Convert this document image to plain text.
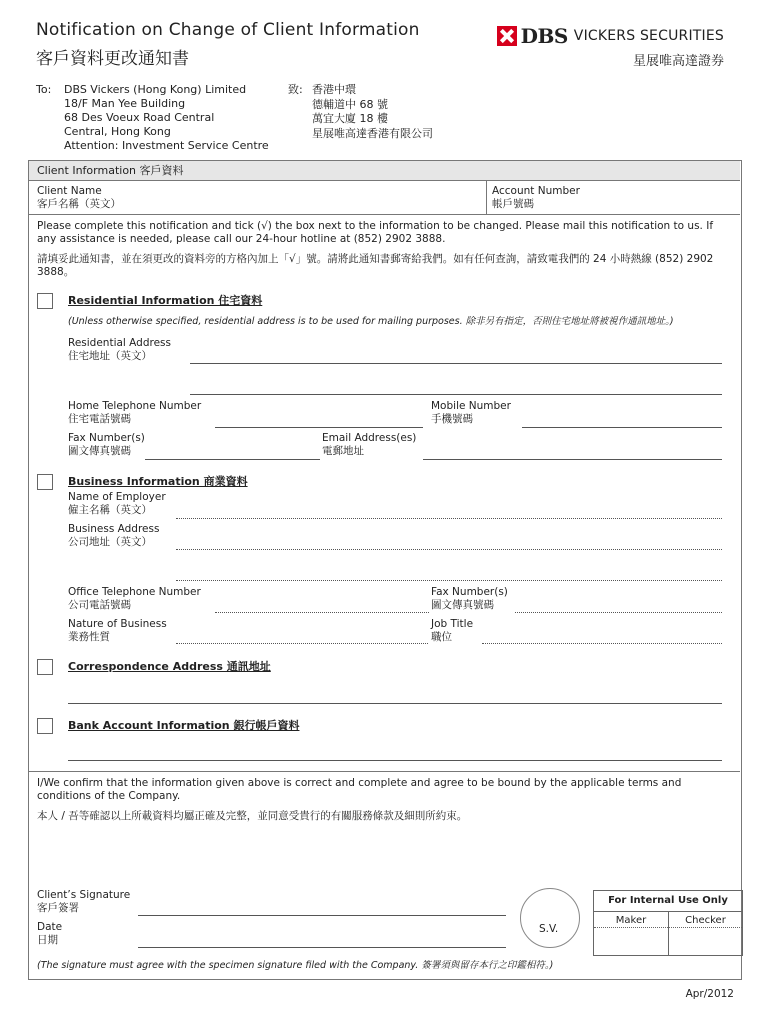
Notification on Change of Client Information
客戶資料更改通知書
DBS VICKERS SECURITIES
星展唯高達證券
To: DBS Vickers (Hong Kong) Limited
18/F Man Yee Building
68 Des Voeux Road Central
Central, Hong Kong
Attention: Investment Service Centre
致: 香港中環
德輔道中 68 號
萬宜大廈 18 樓
星展唯高達香港有限公司
Client Information 客戶資料
Client Name
客戶名稱（英文）
Account Number
帳戶號碼
Please complete this notification and tick (√) the box next to the information to be changed. Please mail this notification to us. If any assistance is needed, please call our 24-hour hotline at (852) 2902 3888.
請填妥此通知書，並在須更改的資料旁的方格內加上「√」號。請將此通知書郵寄給我們。如有任何查詢，請致電我們的 24 小時熱線 (852) 2902 3888。
Residential Information 住宅資料
(Unless otherwise specified, residential address is to be used for mailing purposes. 除非另有指定，否則住宅地址將被視作通訊地址。)
Residential Address
住宅地址（英文）
Home Telephone Number
住宅電話號碼
Mobile Number
手機號碼
Fax Number(s)
圖文傳真號碼
Email Address(es)
電郵地址
Business Information 商業資料
Name of Employer
僱主名稱（英文）
Business Address
公司地址（英文）
Office Telephone Number
公司電話號碼
Fax Number(s)
圖文傳真號碼
Nature of Business
業務性質
Job Title
職位
Correspondence Address 通訊地址
Bank Account Information 銀行帳戶資料
I/We confirm that the information given above is correct and complete and agree to be bound by the applicable terms and conditions of the Company.
本人 / 吾等確認以上所載資料均屬正確及完整，並同意受貴行的有關服務條款及細則所約束。
Client’s Signature
客戶簽署
Date
日期
S.V.
For Internal Use Only
Maker	Checker
(The signature must agree with the specimen signature filed with the Company. 簽署須與留存本行之印鑑相符。)
Apr/2012
